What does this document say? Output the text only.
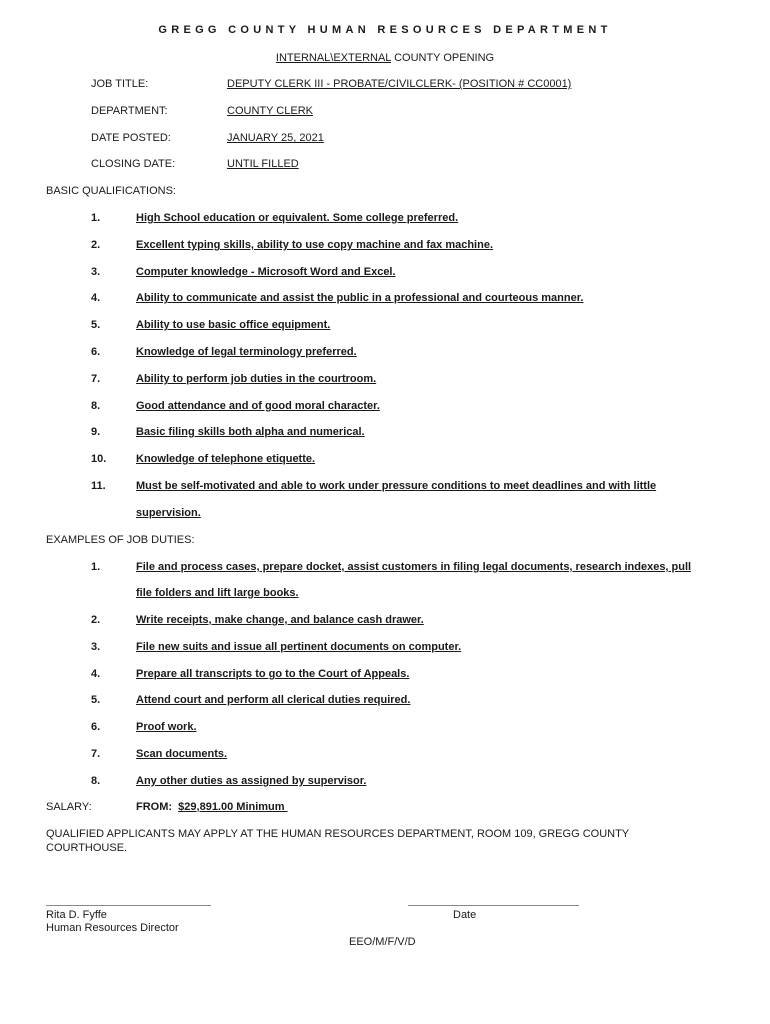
GREGG COUNTY HUMAN RESOURCES DEPARTMENT
INTERNAL\EXTERNAL COUNTY OPENING
JOB TITLE:	DEPUTY CLERK III - PROBATE/CIVILCLERK- (POSITION # CC0001)
DEPARTMENT:	COUNTY CLERK
DATE POSTED:	JANUARY 25, 2021
CLOSING DATE:	UNTIL FILLED
BASIC QUALIFICATIONS:
1.	High School education or equivalent. Some college preferred.
2.	Excellent typing skills, ability to use copy machine and fax machine.
3.	Computer knowledge - Microsoft Word and Excel.
4.	Ability to communicate and assist the public in a professional and courteous manner.
5.	Ability to use basic office equipment.
6.	Knowledge of legal terminology preferred.
7.	Ability to perform job duties in the courtroom.
8.	Good attendance and of good moral character.
9.	Basic filing skills both alpha and numerical.
10.	Knowledge of telephone etiquette.
11.	Must be self-motivated and able to work under pressure conditions to meet deadlines and with little
supervision.
EXAMPLES OF JOB DUTIES:
1.	File and process cases, prepare docket, assist customers in filing legal documents, research indexes, pull
file folders and lift large books.
2.	Write receipts, make change, and balance cash drawer.
3.	File new suits and issue all pertinent documents on computer.
4.	Prepare all transcripts to go to the Court of Appeals.
5.	Attend court and perform all clerical duties required.
6.	Proof work.
7.	Scan documents.
8.	Any other duties as assigned by supervisor.
SALARY:	FROM:  $29,891.00 Minimum
QUALIFIED APPLICANTS MAY APPLY AT THE HUMAN RESOURCES DEPARTMENT, ROOM 109, GREGG COUNTY
COURTHOUSE.
Rita D. Fyffe	Date
Human Resources Director
EEO/M/F/V/D
